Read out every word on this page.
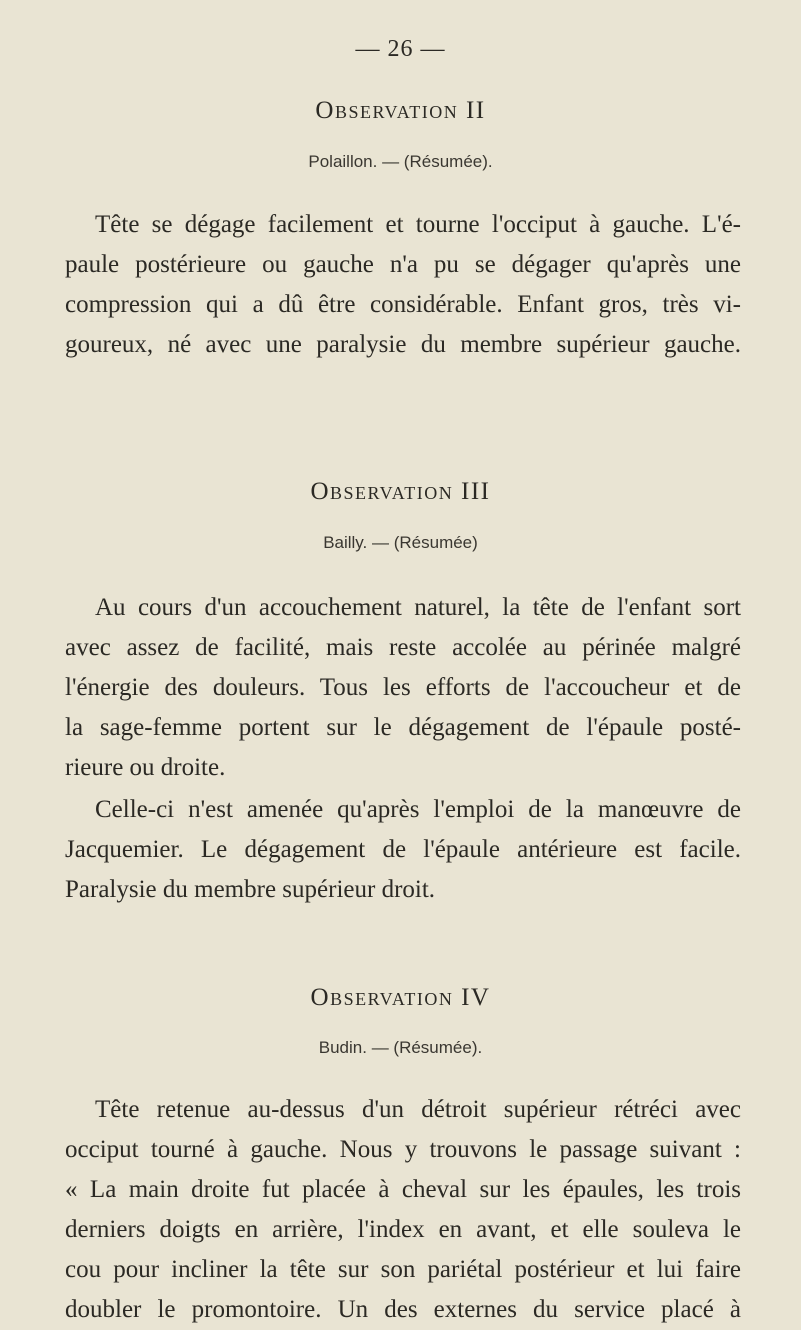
— 26 —
Observation II
Polaillon. — (Résumée).
Tête se dégage facilement et tourne l'occiput à gauche. L'é-
paule postérieure ou gauche n'a pu se dégager qu'après une
compression qui a dû être considérable. Enfant gros, très vi-
goureux, né avec une paralysie du membre supérieur gauche.
Observation III
Bailly. — (Résumée)
Au cours d'un accouchement naturel, la tête de l'enfant sort
avec assez de facilité, mais reste accolée au périnée malgré
l'énergie des douleurs. Tous les efforts de l'accoucheur et de
la sage-femme portent sur le dégagement de l'épaule posté-
rieure ou droite.
Celle-ci n'est amenée qu'après l'emploi de la manœuvre de
Jacquemier. Le dégagement de l'épaule antérieure est facile.
Paralysie du membre supérieur droit.
Observation IV
Budin. — (Résumée).
Tête retenue au-dessus d'un détroit supérieur rétréci avec
occiput tourné à gauche. Nous y trouvons le passage suivant :
« La main droite fut placée à cheval sur les épaules, les trois
derniers doigts en arrière, l'index en avant, et elle souleva le
cou pour incliner la tête sur son pariétal postérieur et lui faire
doubler le promontoire. Un des externes du service placé à
